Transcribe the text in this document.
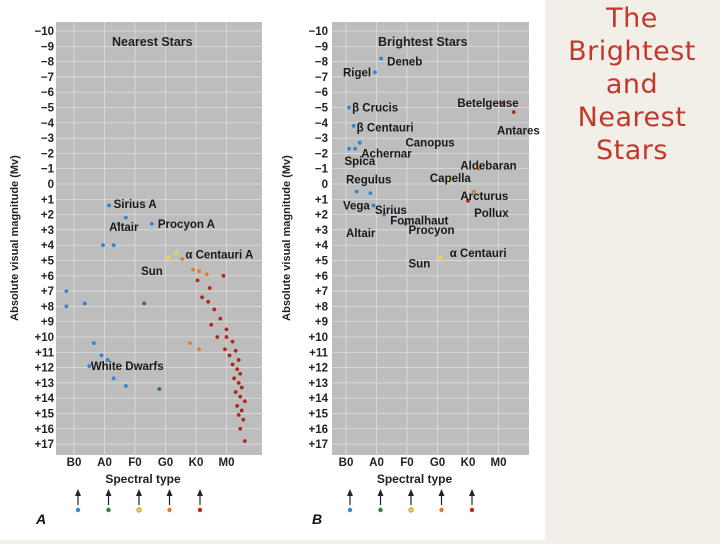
−10
−9
−8
−7
−6
−5
−4
−3
−2
−1
0
+1
+2
+3
+4
+5
+6
+7
+8
+9
+10
+11
+12
+13
+14
+15
+16
+17
B0 A0 F0 G0 K0 M0
Spectral type
Absolute visual magnitude (Mv)
Nearest Stars
Sirius A
Altair Procyon A
α Centauri A
Sun
White Dwarfs
A
−10
−9
−8
−7
−6
−5
−4
−3
−2
−1
0
+1
+2
+3
+4
+5
+6
+7
+8
+9
+10
+11
+12
+13
+14
+15
+16
+17
B0 A0 F0 G0 K0 M0
Spectral type
Absolute visual magnitude (Mv)
Brightest Stars
Deneb
Rigel
β Crucis	Betelgeuse
β Centauri	Antares
Canopus
Achernar
Spica	Aldebaran
Capella
Regulus
Arcturus
Vega Sirius	Pollux
Fomalhaut
Altair	Procyon
α Centauri
Sun
B
The
Brightest
and
Nearest
Stars
